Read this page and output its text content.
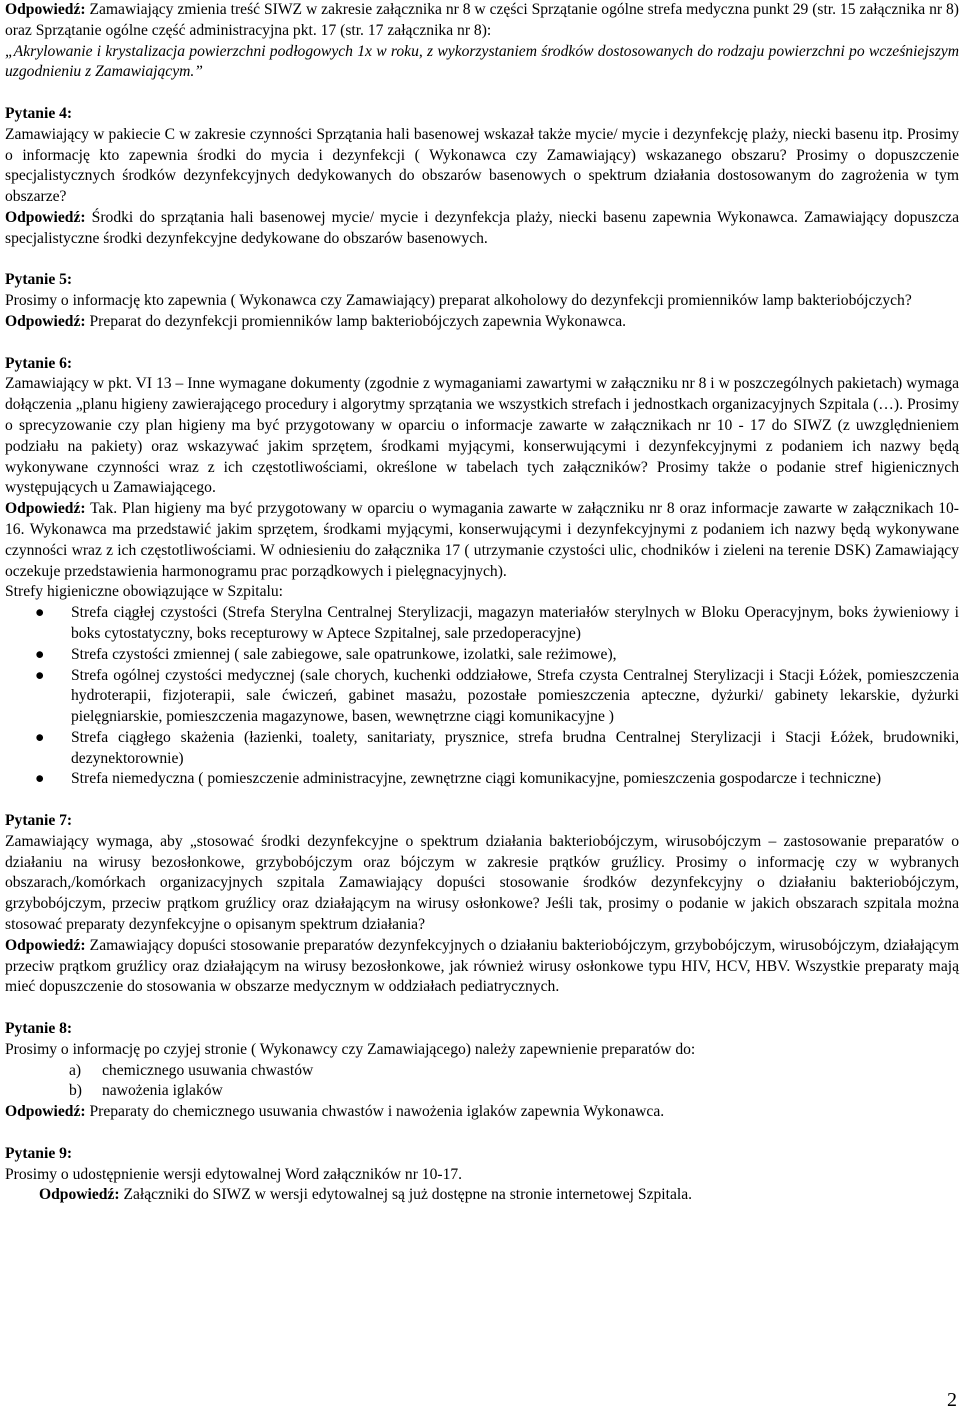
Odpowiedź: Zamawiający zmienia treść SIWZ w zakresie załącznika nr 8 w części Sprzątanie ogólne strefa medyczna punkt 29 (str. 15 załącznika nr 8) oraz Sprzątanie ogólne część administracyjna pkt. 17 (str. 17 załącznika nr 8):

„Akrylowanie i krystalizacja powierzchni podłogowych 1x w roku, z wykorzystaniem środków dostosowanych do rodzaju powierzchni po wcześniejszym uzgodnieniu z Zamawiającym.”

Pytanie 4:

Zamawiający w pakiecie C w zakresie czynności Sprzątania hali basenowej wskazał także mycie/ mycie i dezynfekcję plaży, niecki basenu itp. Prosimy o informację kto zapewnia środki do mycia i dezynfekcji ( Wykonawca czy Zamawiający) wskazanego obszaru? Prosimy o dopuszczenie specjalistycznych środków dezynfekcyjnych dedykowanych do obszarów basenowych o spektrum działania dostosowanym do zagrożenia w tym obszarze?

Odpowiedź: Środki do sprzątania hali basenowej mycie/ mycie i dezynfekcja plaży, niecki basenu zapewnia Wykonawca. Zamawiający dopuszcza specjalistyczne środki dezynfekcyjne dedykowane do obszarów basenowych.

Pytanie 5:

Prosimy o informację kto zapewnia ( Wykonawca czy Zamawiający) preparat alkoholowy do dezynfekcji promienników lamp bakteriobójczych?

Odpowiedź: Preparat do dezynfekcji promienników lamp bakteriobójczych zapewnia Wykonawca.

Pytanie 6:

Zamawiający w pkt. VI 13 – Inne wymagane dokumenty (zgodnie z wymaganiami zawartymi w załączniku nr 8 i w poszczególnych pakietach) wymaga dołączenia „planu higieny zawierającego procedury i algorytmy sprzątania we wszystkich strefach i jednostkach organizacyjnych Szpitala (…). Prosimy o sprecyzowanie czy plan higieny ma być przygotowany w oparciu o informacje zawarte w załącznikach nr 10 - 17 do SIWZ (z uwzględnieniem podziału na pakiety) oraz wskazywać jakim sprzętem, środkami myjącymi, konserwującymi i dezynfekcyjnymi z podaniem ich nazwy będą wykonywane czynności wraz z ich częstotliwościami, określone w tabelach tych załączników? Prosimy także o podanie stref higienicznych występujących u Zamawiającego.

Odpowiedź: Tak. Plan higieny ma być przygotowany w oparciu o wymagania zawarte w załączniku nr 8 oraz informacje zawarte w załącznikach 10-16. Wykonawca ma przedstawić jakim sprzętem, środkami myjącymi, konserwującymi i dezynfekcyjnymi z podaniem ich nazwy będą wykonywane czynności wraz z ich częstotliwościami. W odniesieniu do załącznika 17 ( utrzymanie czystości ulic, chodników i zieleni na terenie DSK) Zamawiający oczekuje przedstawienia harmonogramu prac porządkowych i pielęgnacyjnych).

Strefy higieniczne obowiązujące w Szpitalu:

● Strefa ciągłej czystości (Strefa Sterylna Centralnej Sterylizacji, magazyn materiałów sterylnych w Bloku Operacyjnym, boks żywieniowy i boks cytostatyczny, boks recepturowy w Aptece Szpitalnej, sale przedoperacyjne)
● Strefa czystości zmiennej ( sale zabiegowe, sale opatrunkowe, izolatki, sale reżimowe),
● Strefa ogólnej czystości medycznej (sale chorych, kuchenki oddziałowe, Strefa czysta Centralnej Sterylizacji i Stacji Łóżek, pomieszczenia hydroterapii, fizjoterapii, sale ćwiczeń, gabinet masażu, pozostałe pomieszczenia apteczne, dyżurki/ gabinety lekarskie, dyżurki pielęgniarskie, pomieszczenia magazynowe, basen, wewnętrzne ciągi komunikacyjne )
● Strefa ciągłego skażenia (łazienki, toalety, sanitariaty, prysznice, strefa brudna Centralnej Sterylizacji i Stacji Łóżek, brudowniki, dezynektorownie)
● Strefa niemedyczna ( pomieszczenie administracyjne, zewnętrzne ciągi komunikacyjne, pomieszczenia gospodarcze i techniczne)

Pytanie 7:

Zamawiający wymaga, aby „stosować środki dezynfekcyjne o spektrum działania bakteriobójczym, wirusobójczym – zastosowanie preparatów o działaniu na wirusy bezosłonkowe, grzybobójczym oraz bójczym w zakresie prątków gruźlicy. Prosimy o informację czy w wybranych obszarach,/komórkach organizacyjnych szpitala Zamawiający dopuści stosowanie środków dezynfekcyjny o działaniu bakteriobójczym, grzybobójczym, przeciw prątkom gruźlicy oraz działającym na wirusy osłonkowe? Jeśli tak, prosimy o podanie w jakich obszarach szpitala można stosować preparaty dezynfekcyjne o opisanym spektrum działania?

Odpowiedź: Zamawiający dopuści stosowanie preparatów dezynfekcyjnych o działaniu bakteriobójczym, grzybobójczym, wirusobójczym, działającym przeciw prątkom gruźlicy oraz działającym na wirusy bezosłonkowe, jak również wirusy osłonkowe typu HIV, HCV, HBV. Wszystkie preparaty mają mieć dopuszczenie do stosowania w obszarze medycznym w oddziałach pediatrycznych.

Pytanie 8:

Prosimy o informację po czyjej stronie ( Wykonawcy czy Zamawiającego) należy zapewnienie preparatów do:

a) chemicznego usuwania chwastów
b) nawożenia iglaków

Odpowiedź: Preparaty do chemicznego usuwania chwastów i nawożenia iglaków zapewnia Wykonawca.

Pytanie 9:

Prosimy o udostępnienie wersji edytowalnej Word załączników nr 10-17.

Odpowiedź: Załączniki do SIWZ w wersji edytowalnej są już dostępne na stronie internetowej Szpitala.

2
